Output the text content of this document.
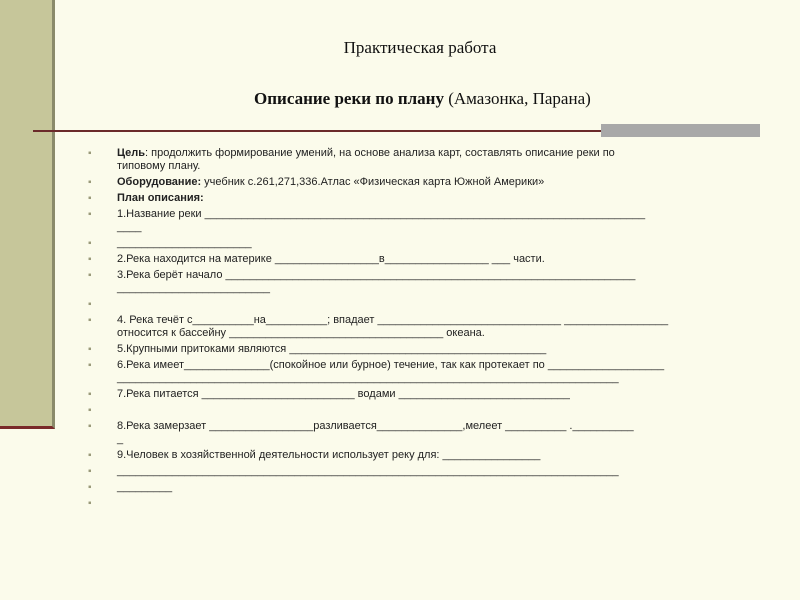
Практическая работа
Описание реки по плану (Амазонка, Парана)
▪ Цель: продолжить формирование умений, на основе анализа карт, составлять описание реки по
типовому плану.
▪ Оборудование: учебник с.261,271,336.Атлас «Физическая карта Южной Америки»
▪ План описания:
▪ 1.Название реки ________________________________________________________________________
____
▪ ______________________
▪ 2.Река находится на материке _________________в_________________ ___ части.
▪ 3.Река берёт начало ___________________________________________________________________
_________________________
▪

▪ 4. Река течёт с__________на__________; впадает ______________________________ _________________
относится к бассейну ___________________________________ океана.
▪ 5.Крупными притоками являются __________________________________________
▪ 6.Река имеет______________(спокойное или бурное) течение, так как протекает по ___________________
__________________________________________________________________________________
▪ 7.Река питается _________________________ водами ____________________________
▪

▪ 8.Река замерзает _________________разливается______________,мелеет __________ .__________
_
▪ 9.Человек в хозяйственной деятельности использует реку для: ________________
▪ __________________________________________________________________________________
▪ _________
▪
